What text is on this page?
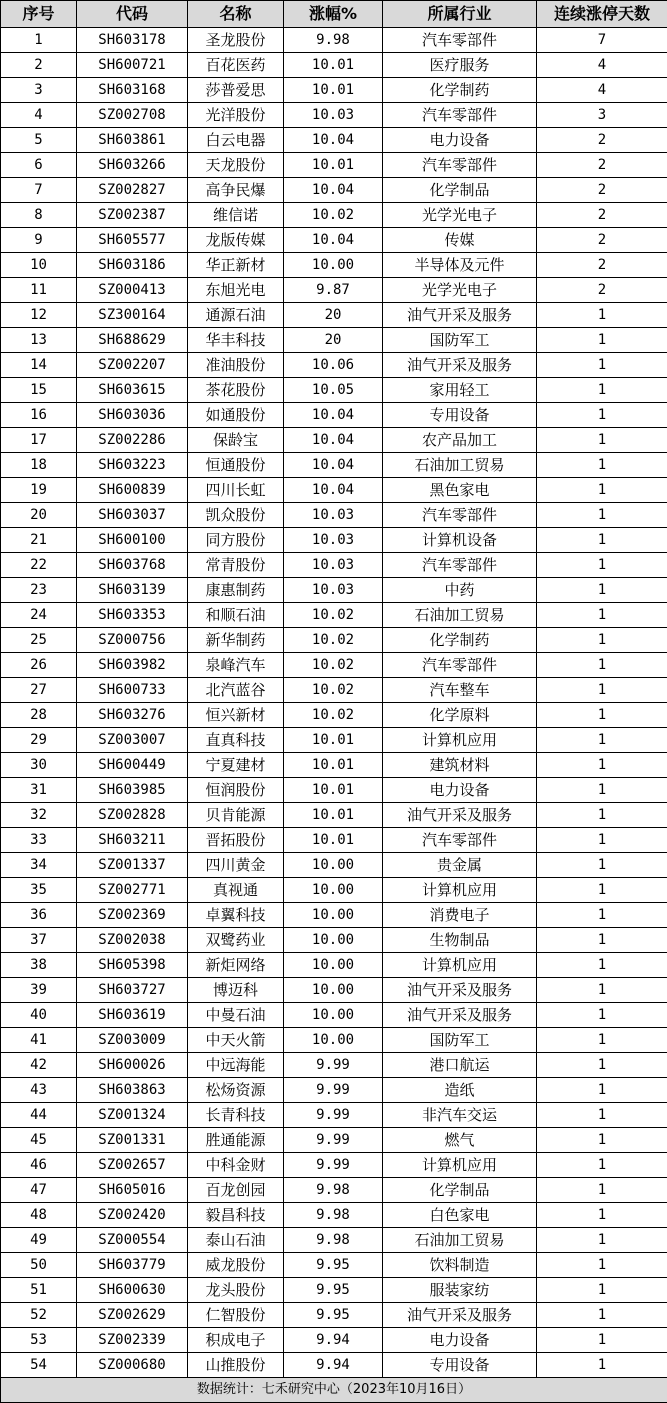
序号	代码	名称	涨幅%	所属行业	连续涨停天数
1	SH603178	圣龙股份	9.98	汽车零部件	7
2	SH600721	百花医药	10.01	医疗服务	4
3	SH603168	莎普爱思	10.01	化学制药	4
4	SZ002708	光洋股份	10.03	汽车零部件	3
5	SH603861	白云电器	10.04	电力设备	2
6	SH603266	天龙股份	10.01	汽车零部件	2
7	SZ002827	高争民爆	10.04	化学制品	2
8	SZ002387	维信诺	10.02	光学光电子	2
9	SH605577	龙版传媒	10.04	传媒	2
10	SH603186	华正新材	10.00	半导体及元件	2
11	SZ000413	东旭光电	9.87	光学光电子	2
12	SZ300164	通源石油	20	油气开采及服务	1
13	SH688629	华丰科技	20	国防军工	1
14	SZ002207	准油股份	10.06	油气开采及服务	1
15	SH603615	茶花股份	10.05	家用轻工	1
16	SH603036	如通股份	10.04	专用设备	1
17	SZ002286	保龄宝	10.04	农产品加工	1
18	SH603223	恒通股份	10.04	石油加工贸易	1
19	SH600839	四川长虹	10.04	黑色家电	1
20	SH603037	凯众股份	10.03	汽车零部件	1
21	SH600100	同方股份	10.03	计算机设备	1
22	SH603768	常青股份	10.03	汽车零部件	1
23	SH603139	康惠制药	10.03	中药	1
24	SH603353	和顺石油	10.02	石油加工贸易	1
25	SZ000756	新华制药	10.02	化学制药	1
26	SH603982	泉峰汽车	10.02	汽车零部件	1
27	SH600733	北汽蓝谷	10.02	汽车整车	1
28	SH603276	恒兴新材	10.02	化学原料	1
29	SZ003007	直真科技	10.01	计算机应用	1
30	SH600449	宁夏建材	10.01	建筑材料	1
31	SH603985	恒润股份	10.01	电力设备	1
32	SZ002828	贝肯能源	10.01	油气开采及服务	1
33	SH603211	晋拓股份	10.01	汽车零部件	1
34	SZ001337	四川黄金	10.00	贵金属	1
35	SZ002771	真视通	10.00	计算机应用	1
36	SZ002369	卓翼科技	10.00	消费电子	1
37	SZ002038	双鹭药业	10.00	生物制品	1
38	SH605398	新炬网络	10.00	计算机应用	1
39	SH603727	博迈科	10.00	油气开采及服务	1
40	SH603619	中曼石油	10.00	油气开采及服务	1
41	SZ003009	中天火箭	10.00	国防军工	1
42	SH600026	中远海能	9.99	港口航运	1
43	SH603863	松炀资源	9.99	造纸	1
44	SZ001324	长青科技	9.99	非汽车交运	1
45	SZ001331	胜通能源	9.99	燃气	1
46	SZ002657	中科金财	9.99	计算机应用	1
47	SH605016	百龙创园	9.98	化学制品	1
48	SZ002420	毅昌科技	9.98	白色家电	1
49	SZ000554	泰山石油	9.98	石油加工贸易	1
50	SH603779	威龙股份	9.95	饮料制造	1
51	SH600630	龙头股份	9.95	服装家纺	1
52	SZ002629	仁智股份	9.95	油气开采及服务	1
53	SZ002339	积成电子	9.94	电力设备	1
54	SZ000680	山推股份	9.94	专用设备	1
数据统计：七禾研究中心（2023年10月16日）					
